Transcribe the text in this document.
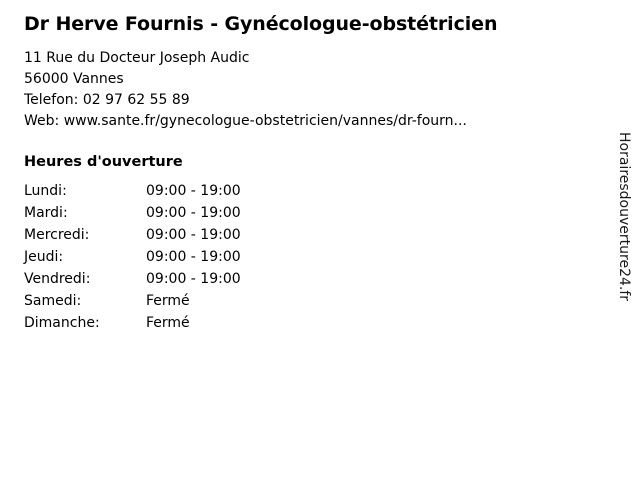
Dr Herve Fournis - Gynécologue-obstétricien

11 Rue du Docteur Joseph Audic

56000 Vannes

Telefon: 02 97 62 55 89

Web: www.sante.fr/gynecologue-obstetricien/vannes/dr-fourn...

Heures d'ouverture
Lundi:	09:00 - 19:00
Mardi:	09:00 - 19:00
Mercredi:	09:00 - 19:00
Jeudi:	09:00 - 19:00
Vendredi:	09:00 - 19:00
Samedi:	Fermé
Dimanche:	Fermé
Horairesdouverture24.fr
